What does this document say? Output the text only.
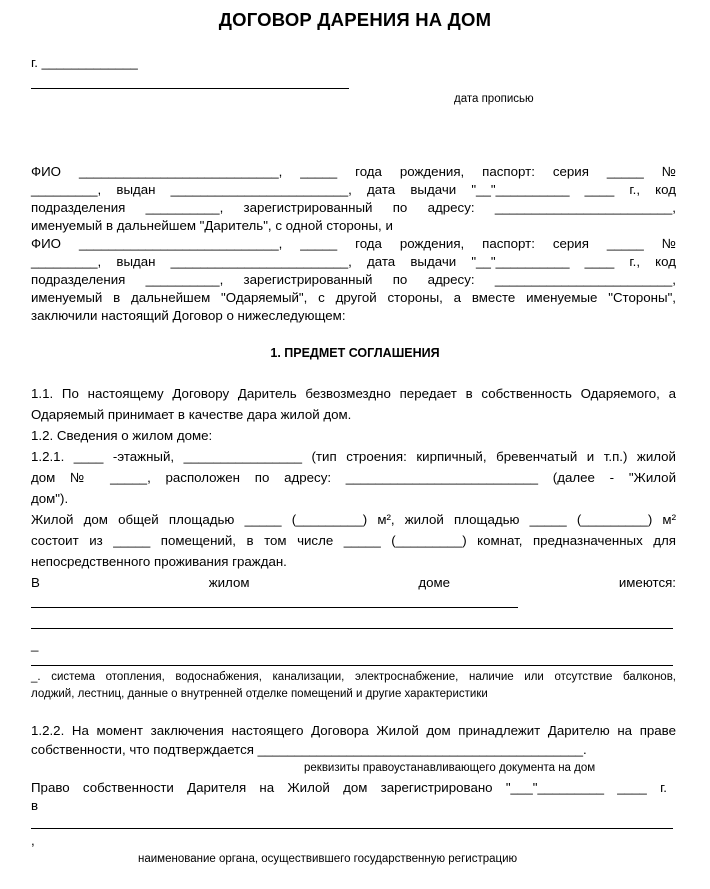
ДОГОВОР ДАРЕНИЯ НА ДОМ
г. _____________
дата прописью
ФИО ___________________________, _____ года рождения, паспорт: серия _____ №
_________, выдан ________________________, дата выдачи "__"__________ ____ г., код
подразделения __________, зарегистрированный по адресу: ________________________,
именуемый в дальнейшем "Даритель", с одной стороны, и
ФИО ___________________________, _____ года рождения, паспорт: серия _____ №
_________, выдан ________________________, дата выдачи "__"__________ ____ г., код
подразделения __________, зарегистрированный по адресу: ________________________,
именуемый в дальнейшем "Одаряемый", с другой стороны, а вместе именуемые "Стороны",
заключили настоящий Договор о нижеследующем:
1. ПРЕДМЕТ СОГЛАШЕНИЯ
1.1. По настоящему Договору Даритель безвозмездно передает в собственность Одаряемого, а
Одаряемый принимает в качестве дара жилой дом.
1.2. Сведения о жилом доме:
1.2.1. ____ -этажный, ________________ (тип строения: кирпичный, бревенчатый и т.п.) жилой
дом № _____, расположен по адресу: __________________________ (далее - "Жилой
дом").
Жилой дом общей площадью _____ (_________) м², жилой площадью _____ (_________) м²
состоит из _____ помещений, в том числе _____ (_________) комнат, предназначенных для
непосредственного проживания граждан.
В жилом доме имеются:
_
_. система отопления, водоснабжения, канализации, электроснабжение, наличие или отсутствие балконов,
лоджий, лестниц, данные о внутренней отделке помещений и другие характеристики
1.2.2. На момент заключения настоящего Договора Жилой дом принадлежит Дарителю на праве
собственности, что подтверждается ____________________________________________.
реквизиты правоустанавливающего документа на дом
Право собственности Дарителя на Жилой дом зарегистрировано "___"_________ ____ г.
в
,
наименование органа, осуществившего государственную регистрацию
